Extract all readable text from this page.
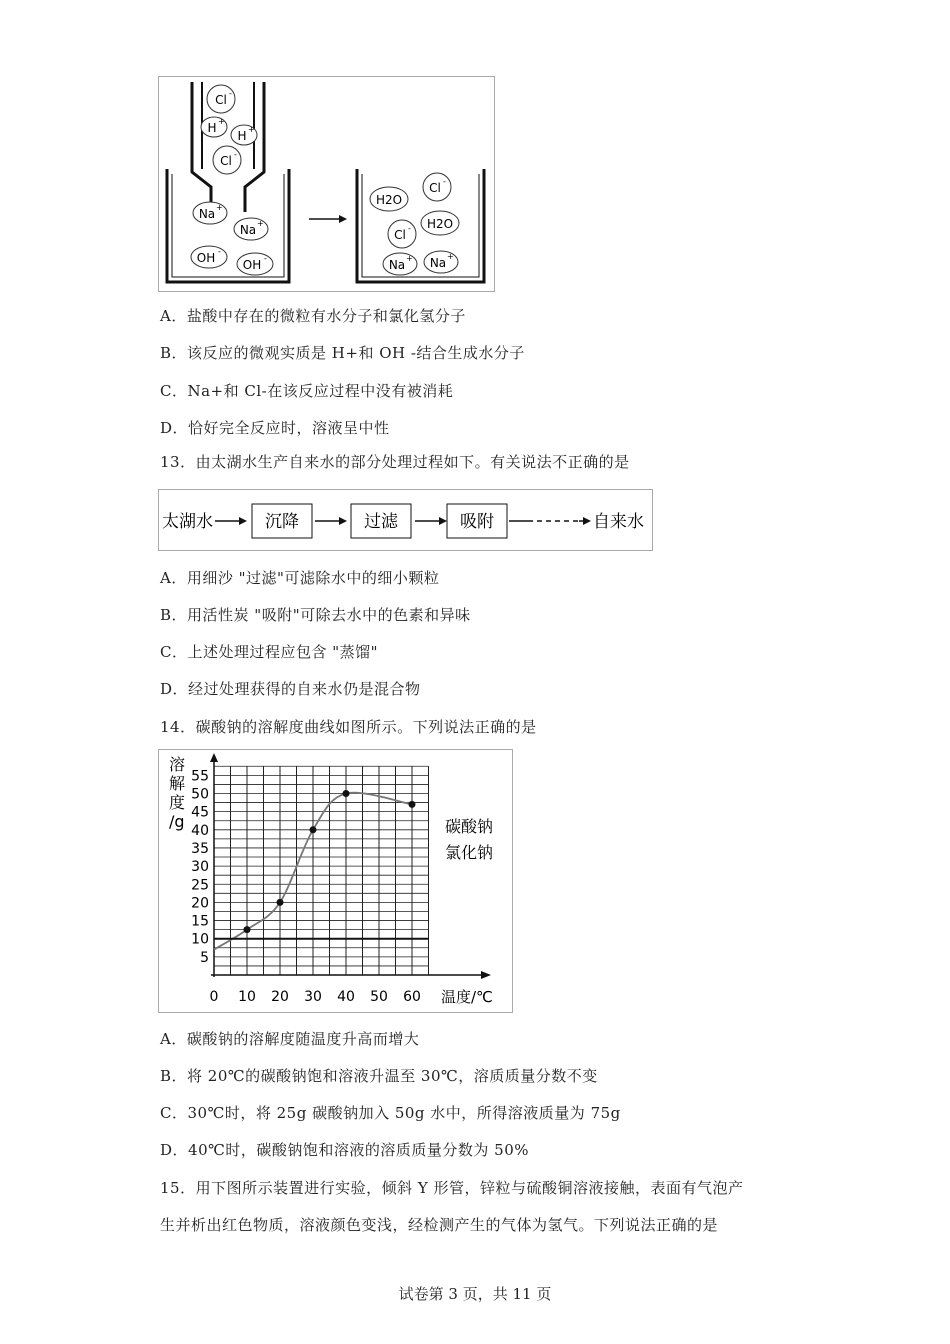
Cl -
H +
H +
Cl -
Na +
Na +
OH -
OH -
H2O
Cl -
Cl - H2O
Na + Na +
A．盐酸中存在的微粒有水分子和氯化氢分子
B．该反应的微观实质是 H+和 OH -结合生成水分子
C．Na+和 Cl-在该反应过程中没有被消耗
D．恰好完全反应时，溶液呈中性
13．由太湖水生产自来水的部分处理过程如下。有关说法不正确的是
太湖水	沉降	过滤	吸附	自来水
A．用细沙 "过滤"可滤除水中的细小颗粒
B．用活性炭 "吸附"可除去水中的色素和异味
C．上述处理过程应包含 "蒸馏"
D．经过处理获得的自来水仍是混合物
14．碳酸钠的溶解度曲线如图所示。下列说法正确的是
溶
解
度
/g
5
10
15
20
25
30
35
40
45
50
55
0 10 20 30 40 50 60 温度/℃
碳酸钠
氯化钠
A．碳酸钠的溶解度随温度升高而增大
B．将 20℃的碳酸钠饱和溶液升温至 30℃，溶质质量分数不变
C．30℃时，将 25g 碳酸钠加入 50g 水中，所得溶液质量为 75g
D．40℃时，碳酸钠饱和溶液的溶质质量分数为 50%
15．用下图所示装置进行实验，倾斜 Y 形管，锌粒与硫酸铜溶液接触，表面有气泡产
生并析出红色物质，溶液颜色变浅，经检测产生的气体为氢气。下列说法正确的是
试卷第 3 页，共 11 页
